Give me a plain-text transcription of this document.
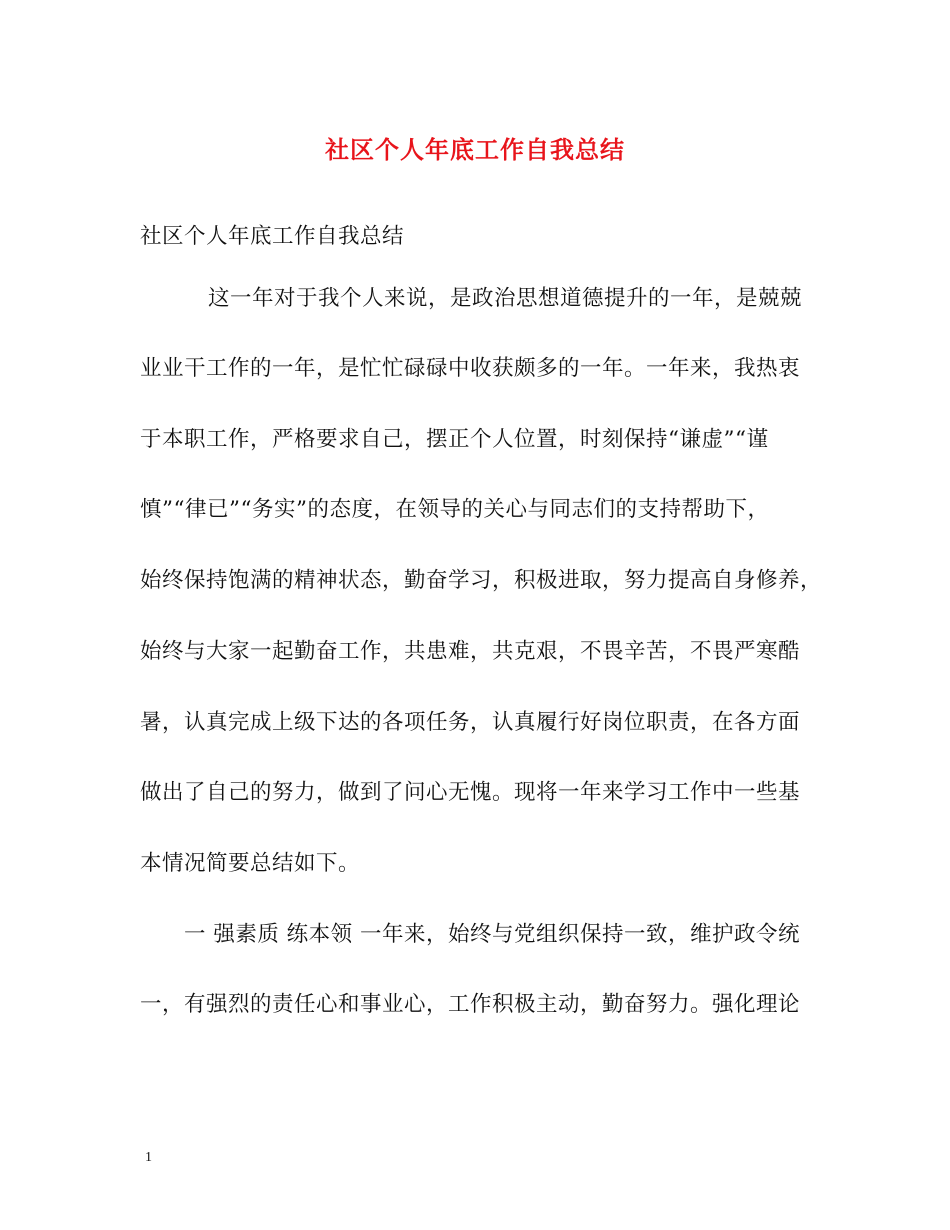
社区个人年底工作自我总结
社区个人年底工作自我总结
　　这一年对于我个人来说，是政治思想道德提升的一年，是兢兢
业业干工作的一年，是忙忙碌碌中收获颇多的一年。一年来，我热衷
于本职工作，严格要求自己，摆正个人位置，时刻保持“谦虚”“谨
慎”“律已”“务实”的态度，在领导的关心与同志们的支持帮助下，
始终保持饱满的精神状态，勤奋学习，积极进取，努力提高自身修养，
始终与大家一起勤奋工作，共患难，共克艰，不畏辛苦，不畏严寒酷
暑，认真完成上级下达的各项任务，认真履行好岗位职责，在各方面
做出了自己的努力，做到了问心无愧。现将一年来学习工作中一些基
本情况简要总结如下。
　一 强素质 练本领 一年来，始终与党组织保持一致，维护政令统
一，有强烈的责任心和事业心，工作积极主动，勤奋努力。强化理论
1
